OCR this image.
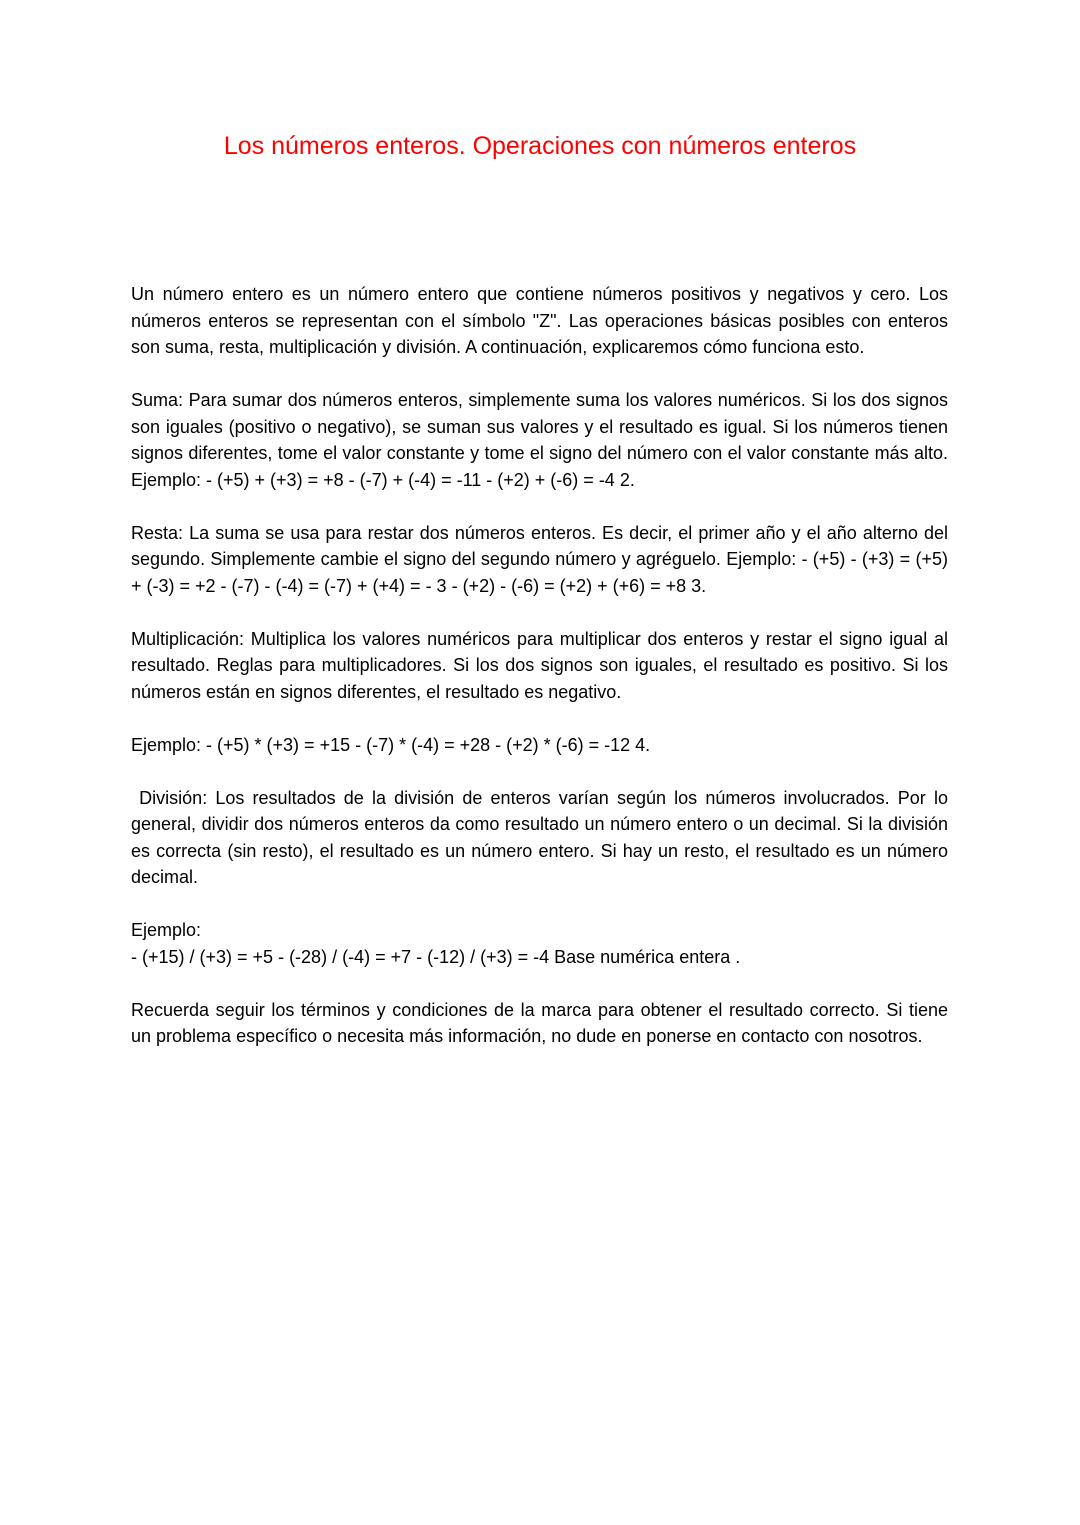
Los números enteros. Operaciones con números enteros

Un número entero es un número entero que contiene números positivos y negativos y cero. Los números enteros se representan con el símbolo "Z". Las operaciones básicas posibles con enteros son suma, resta, multiplicación y división. A continuación, explicaremos cómo funciona esto.

Suma: Para sumar dos números enteros, simplemente suma los valores numéricos. Si los dos signos son iguales (positivo o negativo), se suman sus valores y el resultado es igual. Si los números tienen signos diferentes, tome el valor constante y tome el signo del número con el valor constante más alto. Ejemplo: - (+5) + (+3) = +8 - (-7) + (-4) = -11 - (+2) + (-6) = -4 2.

Resta: La suma se usa para restar dos números enteros. Es decir, el primer año y el año alterno del segundo. Simplemente cambie el signo del segundo número y agréguelo. Ejemplo: - (+5) - (+3) = (+5) + (-3) = +2 - (-7) - (-4) = (-7) + (+4) = - 3 - (+2) - (-6) = (+2) + (+6) = +8 3.

Multiplicación: Multiplica los valores numéricos para multiplicar dos enteros y restar el signo igual al resultado. Reglas para multiplicadores. Si los dos signos son iguales, el resultado es positivo. Si los números están en signos diferentes, el resultado es negativo.

Ejemplo: - (+5) * (+3) = +15 - (-7) * (-4) = +28 - (+2) * (-6) = -12 4.

División: Los resultados de la división de enteros varían según los números involucrados. Por lo general, dividir dos números enteros da como resultado un número entero o un decimal. Si la división es correcta (sin resto), el resultado es un número entero. Si hay un resto, el resultado es un número decimal.

Ejemplo:

- (+15) / (+3) = +5 - (-28) / (-4) = +7 - (-12) / (+3) = -4 Base numérica entera .

Recuerda seguir los términos y condiciones de la marca para obtener el resultado correcto. Si tiene un problema específico o necesita más información, no dude en ponerse en contacto con nosotros.
